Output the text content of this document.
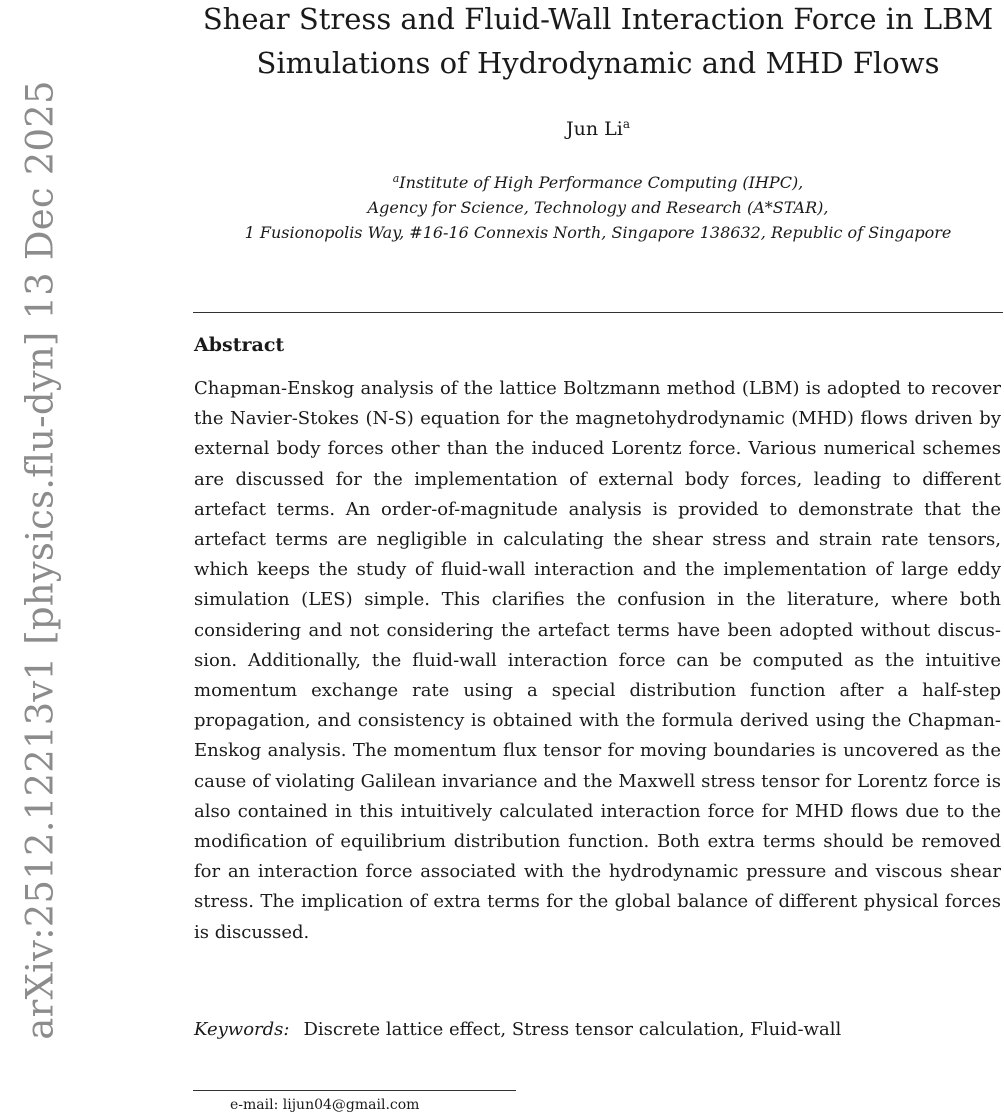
arXiv:2512.12213v1 [physics.flu-dyn] 13 Dec 2025
Shear Stress and Fluid-Wall Interaction Force in LBM
Simulations of Hydrodynamic and MHD Flows
Jun Li$^a$
$^a$Institute of High Performance Computing (IHPC),
Agency for Science, Technology and Research (A*STAR),
1 Fusionopolis Way, #16-16 Connexis North, Singapore 138632, Republic of Singapore
Abstract

Chapman-Enskog analysis of the lattice Boltzmann method (LBM) is adopted to recover the Navier-Stokes (N-S) equation for the magnetohydrodynamic (MHD) flows driven by external body forces other than the induced Lorentz force. Various numerical schemes are discussed for the implementation of external body forces, leading to different artefact terms. An order-of-magnitude analysis is provided to demonstrate that the artefact terms are negligible in calculating the shear stress and strain rate tensors, which keeps the study of fluid-wall interaction and the implementation of large eddy simulation (LES) simple. This clarifies the confusion in the literature, where both considering and not considering the artefact terms have been adopted without discussion. Additionally, the fluid-wall interaction force can be computed as the intuitive momentum exchange rate using a special distribution function after a half-step propagation, and consistency is obtained with the formula derived using the Chapman-Enskog analysis. The momentum flux tensor for moving boundaries is uncovered as the cause of violating Galilean invariance and the Maxwell stress tensor for Lorentz force is also contained in this intuitively calculated interaction force for MHD flows due to the modification of equilibrium distribution function. Both extra terms should be removed for an interaction force associated with the hydrodynamic pressure and viscous shear stress. The implication of extra terms for the global balance of different physical forces is discussed.

Keywords: Discrete lattice effect, Stress tensor calculation, Fluid-wall
e-mail: lijun04@gmail.com
